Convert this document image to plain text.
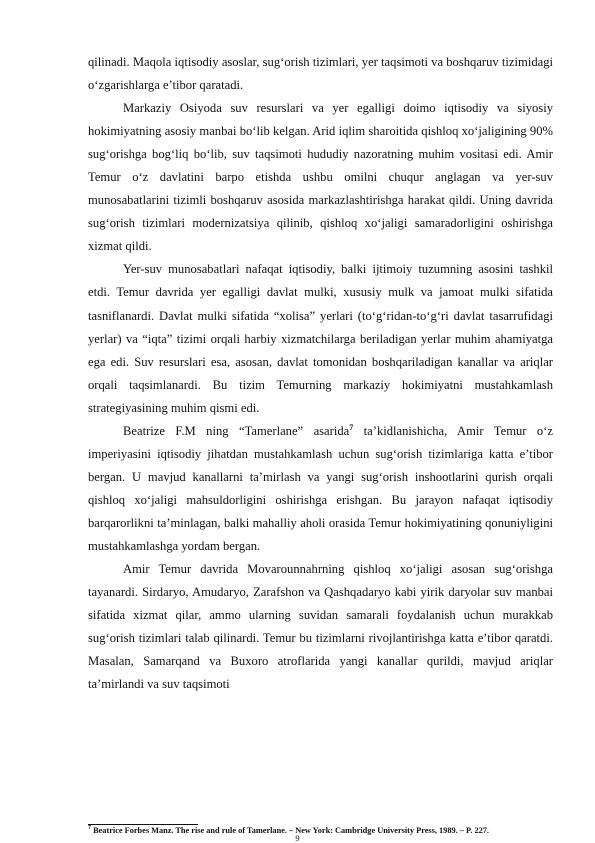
qilinadi. Maqola iqtisodiy asoslar, sug‘orish tizimlari, yer taqsimoti va boshqaruv tizimidagi o‘zgarishlarga e’tibor qaratadi.

Markaziy Osiyoda suv resurslari va yer egalligi doimo iqtisodiy va siyosiy hokimiyatning asosiy manbai bo‘lib kelgan. Arid iqlim sharoitida qishloq xo‘jaligining 90% sug‘orishga bog‘liq bo‘lib, suv taqsimoti hududiy nazoratning muhim vositasi edi. Amir Temur o‘z davlatini barpo etishda ushbu omilni chuqur anglagan va yer-suv munosabatlarini tizimli boshqaruv asosida markazlashtirishga harakat qildi. Uning davrida sug‘orish tizimlari modernizatsiya qilinib, qishloq xo‘jaligi samaradorligini oshirishga xizmat qildi.

Yer-suv munosabatlari nafaqat iqtisodiy, balki ijtimoiy tuzumning asosini tashkil etdi. Temur davrida yer egalligi davlat mulki, xususiy mulk va jamoat mulki sifatida tasniflanardi. Davlat mulki sifatida “xolisa” yerlari (to‘g‘ridan-to‘g‘ri davlat tasarrufidagi yerlar) va “iqta” tizimi orqali harbiy xizmatchilarga beriladigan yerlar muhim ahamiyatga ega edi. Suv resurslari esa, asosan, davlat tomonidan boshqariladigan kanallar va ariqlar orqali taqsimlanardi. Bu tizim Temurning markaziy hokimiyatni mustahkamlash strategiyasining muhim qismi edi.

Beatrize F.M ning “Tamerlane” asarida$^7$ ta’kidlanishicha, Amir Temur o‘z imperiyasini iqtisodiy jihatdan mustahkamlash uchun sug‘orish tizimlariga katta e’tibor bergan. U mavjud kanallarni ta’mirlash va yangi sug‘orish inshootlarini qurish orqali qishloq xo‘jaligi mahsuldorligini oshirishga erishgan. Bu jarayon nafaqat iqtisodiy barqarorlikni ta’minlagan, balki mahalliy aholi orasida Temur hokimiyatining qonuniyligini mustahkamlashga yordam bergan.

Amir Temur davrida Movarounnahrning qishloq xo‘jaligi asosan sug‘orishga tayanardi. Sirdaryo, Amudaryo, Zarafshon va Qashqadaryo kabi yirik daryolar suv manbai sifatida xizmat qilar, ammo ularning suvidan samarali foydalanish uchun murakkab sug‘orish tizimlari talab qilinardi. Temur bu tizimlarni rivojlantirishga katta e’tibor qaratdi. Masalan, Samarqand va Buxoro atroflarida yangi kanallar qurildi, mavjud ariqlar ta’mirlandi va suv taqsimoti

$^7$ Beatrice Forbes Manz. The rise and rule of Tamerlane. – New York: Cambridge University Press, 1989. – P. 227.
9
